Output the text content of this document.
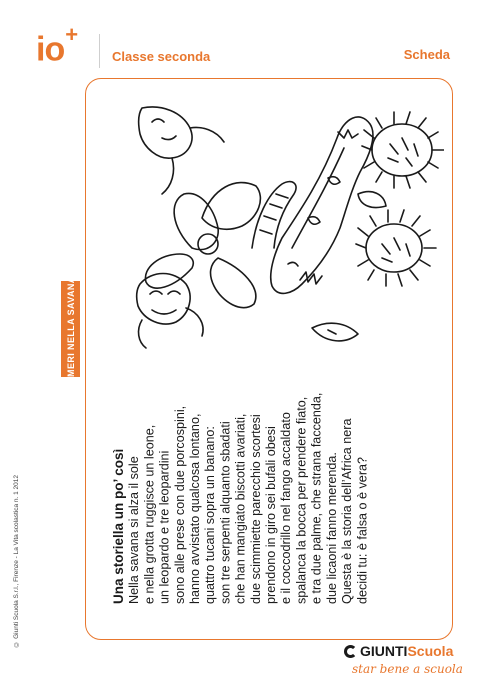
io+
Classe seconda	Scheda
NUMERI NELLA SAVANA/1
© Giunti Scuola S.r.l., Firenze - La Vita scolastica n. 1 2012	Una storiella un po’ così Nella savana si alza il sole e nella grotta ruggisce un leone, un leopardo e tre leopardini sono alle prese con due porcospini, hanno avvistato qualcosa lontano, quattro tucani sopra un banano: son tre serpenti alquanto sbadati che han mangiato biscotti avariati, due scimmiette parecchio scortesi prendono in giro sei bufali obesi e il coccodrillo nel fango accaldato spalanca la bocca per prendere fiato, e tra due palme, che strana faccenda, due licaoni fanno merenda. Questa è la storia dell’Africa nera decidi tu: è falsa o è vera?
GIUNTI Scuola
star bene a scuola
